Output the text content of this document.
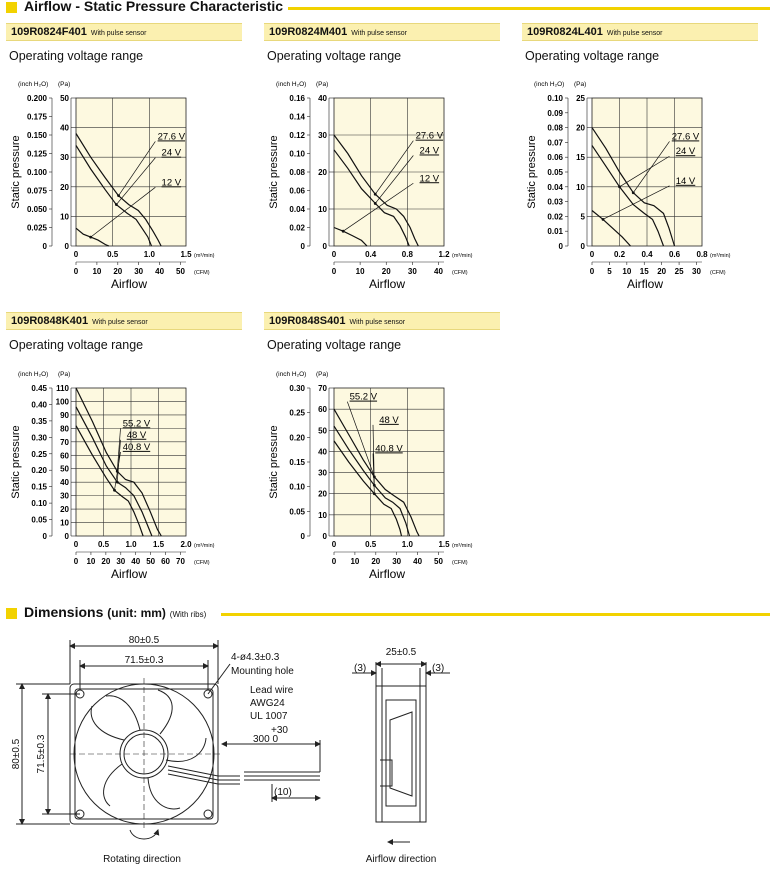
Airflow - Static Pressure Characteristic
109R0824F401 With pulse sensor
Operating voltage range
109R0824M401 With pulse sensor
Operating voltage range
109R0824L401 With pulse sensor
Operating voltage range
109R0848K401 With pulse sensor
Operating voltage range
109R0848S401 With pulse sensor
Operating voltage range
(inch H₂O) (Pa)
0	0.5	1.0	1.5 (m³/min)
50
40
30
20
10
0
0.200
0.175
0.150
0.125
0.100
0.075
0.050
0.025
0
Static pressure
0 10 20 30 40 50 (CFM)
Airflow
27.6 V
24 V
12 V
(inch H₂O) (Pa)
0	0.4	0.8	1.2 (m³/min)
40
30
20
10
0
0.16
0.14
0.12
0.10
0.08
0.06
0.04
0.02
0
Static pressure
0 10 20 30 40 (CFM)
Airflow
27.6 V
24 V
12 V
(inch H₂O) (Pa)
0 0.2 0.4 0.6 0.8 (m³/min)
25
20
15
10
5
0
0.10
0.09
0.08
0.07
0.06
0.05
0.04
0.03
0.02
0.01
0
Static pressure
0 5 10 15 20 25 30 (CFM)
Airflow
27.6 V
24 V
14 V
(inch H₂O) (Pa)
0 0.5 1.0 1.5 2.0 (m³/min)
110
100
90
80
70
60
50
40
30
20
10
0
0.45
0.40
0.35
0.30
0.25
0.20
0.15
0.10
0.05
0
Static pressure
0 10 20 30 40 50 60 70 (CFM)
Airflow
55.2 V
48 V
40.8 V
(inch H₂O) (Pa)
0	0.5	1.0	1.5 (m³/min)
70
60
50
40
30
20
10
0
0.30
0.25
0.20
0.15
0.10
0.05
0
Static pressure
0 10 20 30 40 50 (CFM)
Airflow
55.2 V
48 V
40.8 V
Dimensions (unit: mm) (With ribs)
80±0.5
71.5±0.3
80±0.5 71.5±0.3
4-ø4.3±0.3
Mounting hole
Lead wire
AWG24
UL 1007
+30
300 0
(10)
Rotating direction
25±0.5
(3)	(3)
Airflow direction
